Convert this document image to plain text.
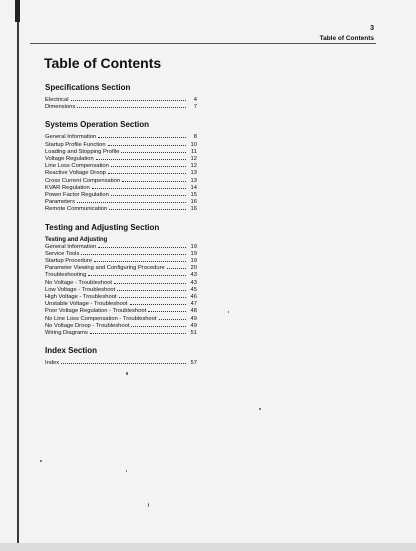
3
Table of Contents
Table of Contents
Specifications Section
Electrical	4
Dimensions	7
Systems Operation Section
General Information	8
Startup Profile Function	10
Loading and Stopping Profile	11
Voltage Regulation	12
Line Loss Compensation	12
Reactive Voltage Droop	13
Cross Current Compensation	13
KVAR Regulation	14
Power Factor Regulation	15
Parameters	16
Remote Communication	16
Testing and Adjusting Section
Testing and Adjusting
General Information	19
Service Tools	19
Startup Procedure	19
Parameter Viewing and Configuring Procedure	20
Troubleshooting	43
No Voltage - Troubleshoot	43
Low Voltage - Troubleshoot	45
High Voltage - Troubleshoot	46
Unstable Voltage - Troubleshoot	47
Poor Voltage Regulation - Troubleshoot	48
No Line Loss Compensation - Troubleshoot	49
No Voltage Droop - Troubleshoot	49
Wiring Diagrams	51
Index Section
Index	57
